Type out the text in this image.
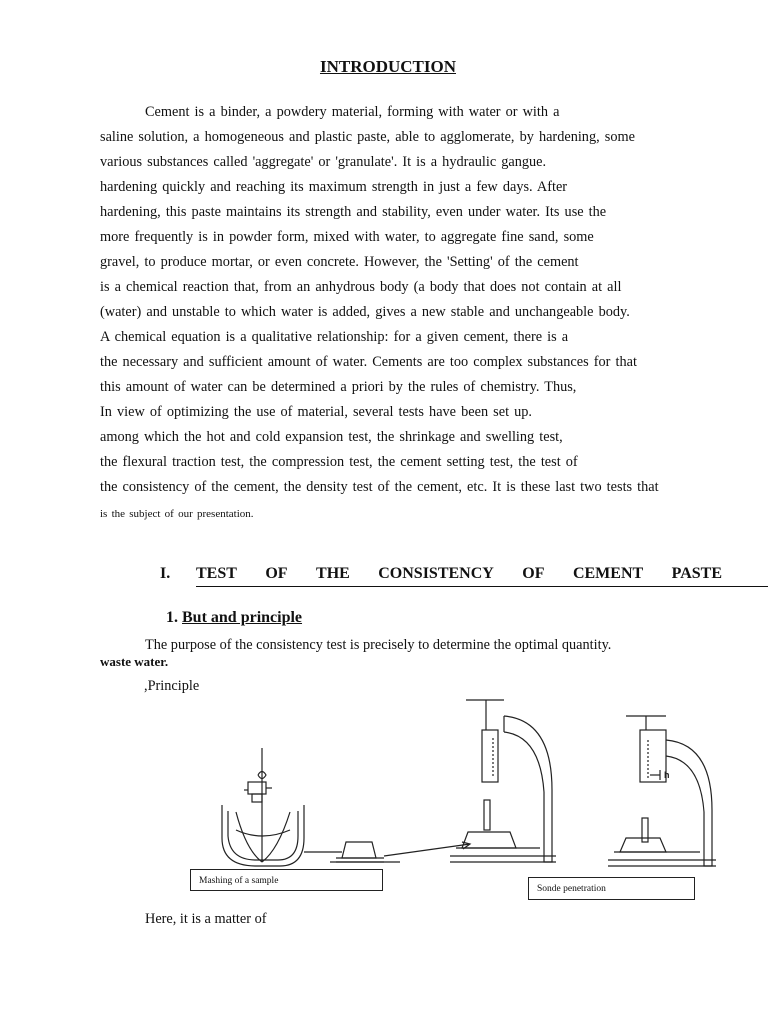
INTRODUCTION
Cement is a binder, a powdery material, forming with water or with a
saline solution, a homogeneous and plastic paste, able to agglomerate, by hardening, some
various substances called 'aggregate' or 'granulate'. It is a hydraulic gangue.
hardening quickly and reaching its maximum strength in just a few days. After
hardening, this paste maintains its strength and stability, even under water. Its use the
more frequently is in powder form, mixed with water, to aggregate fine sand, some
gravel, to produce mortar, or even concrete. However, the 'Setting' of the cement
is a chemical reaction that, from an anhydrous body (a body that does not contain at all
(water) and unstable to which water is added, gives a new stable and unchangeable body.
A chemical equation is a qualitative relationship: for a given cement, there is a
the necessary and sufficient amount of water. Cements are too complex substances for that
this amount of water can be determined a priori by the rules of chemistry. Thus,
In view of optimizing the use of material, several tests have been set up.
among which the hot and cold expansion test, the shrinkage and swelling test,
the flexural traction test, the compression test, the cement setting test, the test of
the consistency of the cement, the density test of the cement, etc. It is these last two tests that
is the subject of our presentation.
I. TEST OF THE CONSISTENCY OF CEMENT PASTE
1. But and principle
The purpose of the consistency test is precisely to determine the optimal quantity.
waste water.
,Principle
h
Mashing of a sample
Sonde penetration
Here, it is a matter of
